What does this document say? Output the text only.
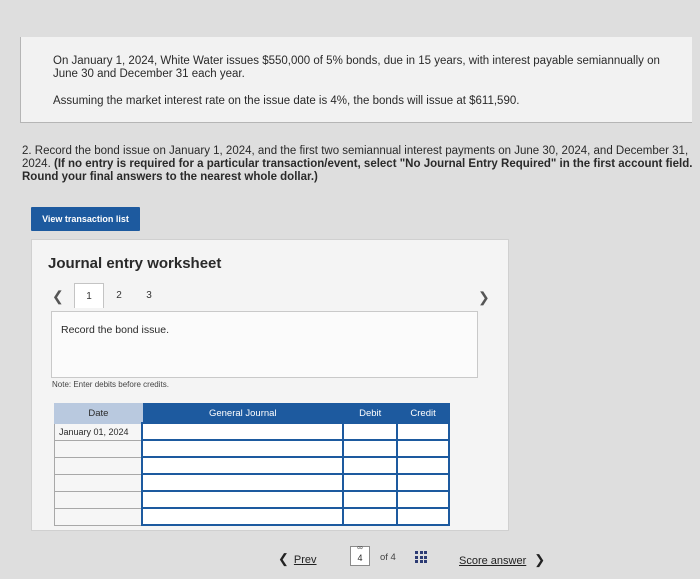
On January 1, 2024, White Water issues $550,000 of 5% bonds, due in 15 years, with interest payable semiannually on June 30 and December 31 each year.

Assuming the market interest rate on the issue date is 4%, the bonds will issue at $611,590.

2. Record the bond issue on January 1, 2024, and the first two semiannual interest payments on June 30, 2024, and December 31, 2024. (If no entry is required for a particular transaction/event, select "No Journal Entry Required" in the first account field. Round your final answers to the nearest whole dollar.)
View transaction list
Journal entry worksheet
❮	1	2	3	❯
Record the bond issue.
Note: Enter debits before credits.
Date	General Journal	Debit	Credit
January 01, 2024			

❮ Prev
∞
4 of 4	Score answer ❯
